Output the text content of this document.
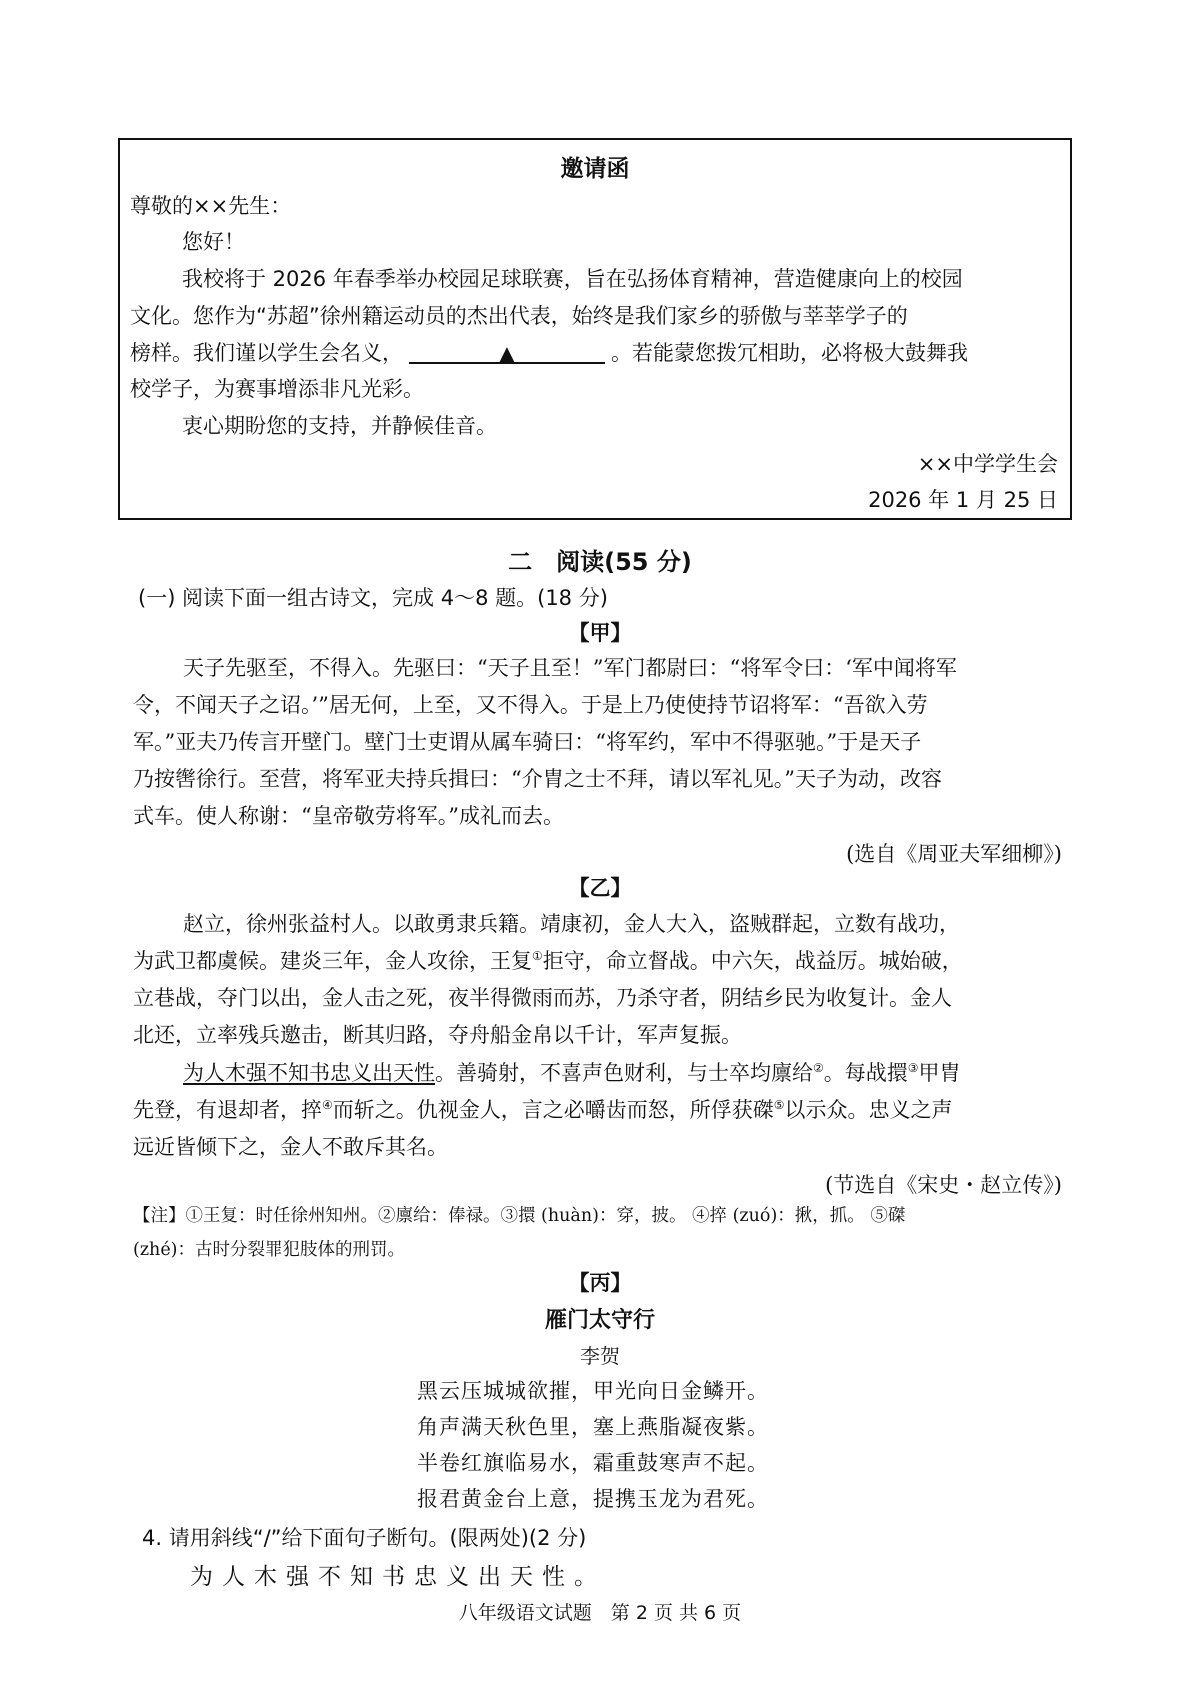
邀请函
尊敬的××先生：
您好！
我校将于 2026 年春季举办校园足球联赛，旨在弘扬体育精神，营造健康向上的校园
文化。您作为“苏超”徐州籍运动员的杰出代表，始终是我们家乡的骄傲与莘莘学子的
榜样。我们谨以学生会名义，	▲	。若能蒙您拨冗相助，必将极大鼓舞我
校学子，为赛事增添非凡光彩。
衷心期盼您的支持，并静候佳音。
××中学学生会
2026 年 1 月 25 日
二　阅读(55 分)
(一) 阅读下面一组古诗文，完成 4～8 题。(18 分)
【甲】
天子先驱至，不得入。先驱曰：“天子且至！”军门都尉曰：“将军令曰：‘军中闻将军
令，不闻天子之诏。’”居无何，上至，又不得入。于是上乃使使持节诏将军：“吾欲入劳
军。”亚夫乃传言开壁门。壁门士吏谓从属车骑曰：“将军约，军中不得驱驰。”于是天子
乃按辔徐行。至营，将军亚夫持兵揖曰：“介胄之士不拜，请以军礼见。”天子为动，改容
式车。使人称谢：“皇帝敬劳将军。”成礼而去。
(选自《周亚夫军细柳》)
【乙】
赵立，徐州张益村人。以敢勇隶兵籍。靖康初，金人大入，盗贼群起，立数有战功，
为武卫都虞候。建炎三年，金人攻徐，王复①拒守，命立督战。中六矢，战益厉。城始破，
立巷战，夺门以出，金人击之死，夜半得微雨而苏，乃杀守者，阴结乡民为收复计。金人
北还，立率残兵邀击，断其归路，夺舟船金帛以千计，军声复振。
为人木强不知书忠义出天性。善骑射，不喜声色财利，与士卒均廪给②。每战擐③甲胄
先登，有退却者，捽④而斩之。仇视金人，言之必嚼齿而怒，所俘获磔⑤以示众。忠义之声
远近皆倾下之，金人不敢斥其名。
(节选自《宋史・赵立传》)
【注】①王复：时任徐州知州。②廪给：俸禄。③擐 (huàn)：穿，披。 ④捽 (zuó)：揪，抓。 ⑤磔
(zhé)：古时分裂罪犯肢体的刑罚。
【丙】
雁门太守行
李贺
黑云压城城欲摧，甲光向日金鳞开。
角声满天秋色里，塞上燕脂凝夜紫。
半卷红旗临易水，霜重鼓寒声不起。
报君黄金台上意，提携玉龙为君死。
4. 请用斜线“/”给下面句子断句。(限两处)(2 分)
为人木强不知书忠义出天性。
八年级语文试题　第 2 页 共 6 页
